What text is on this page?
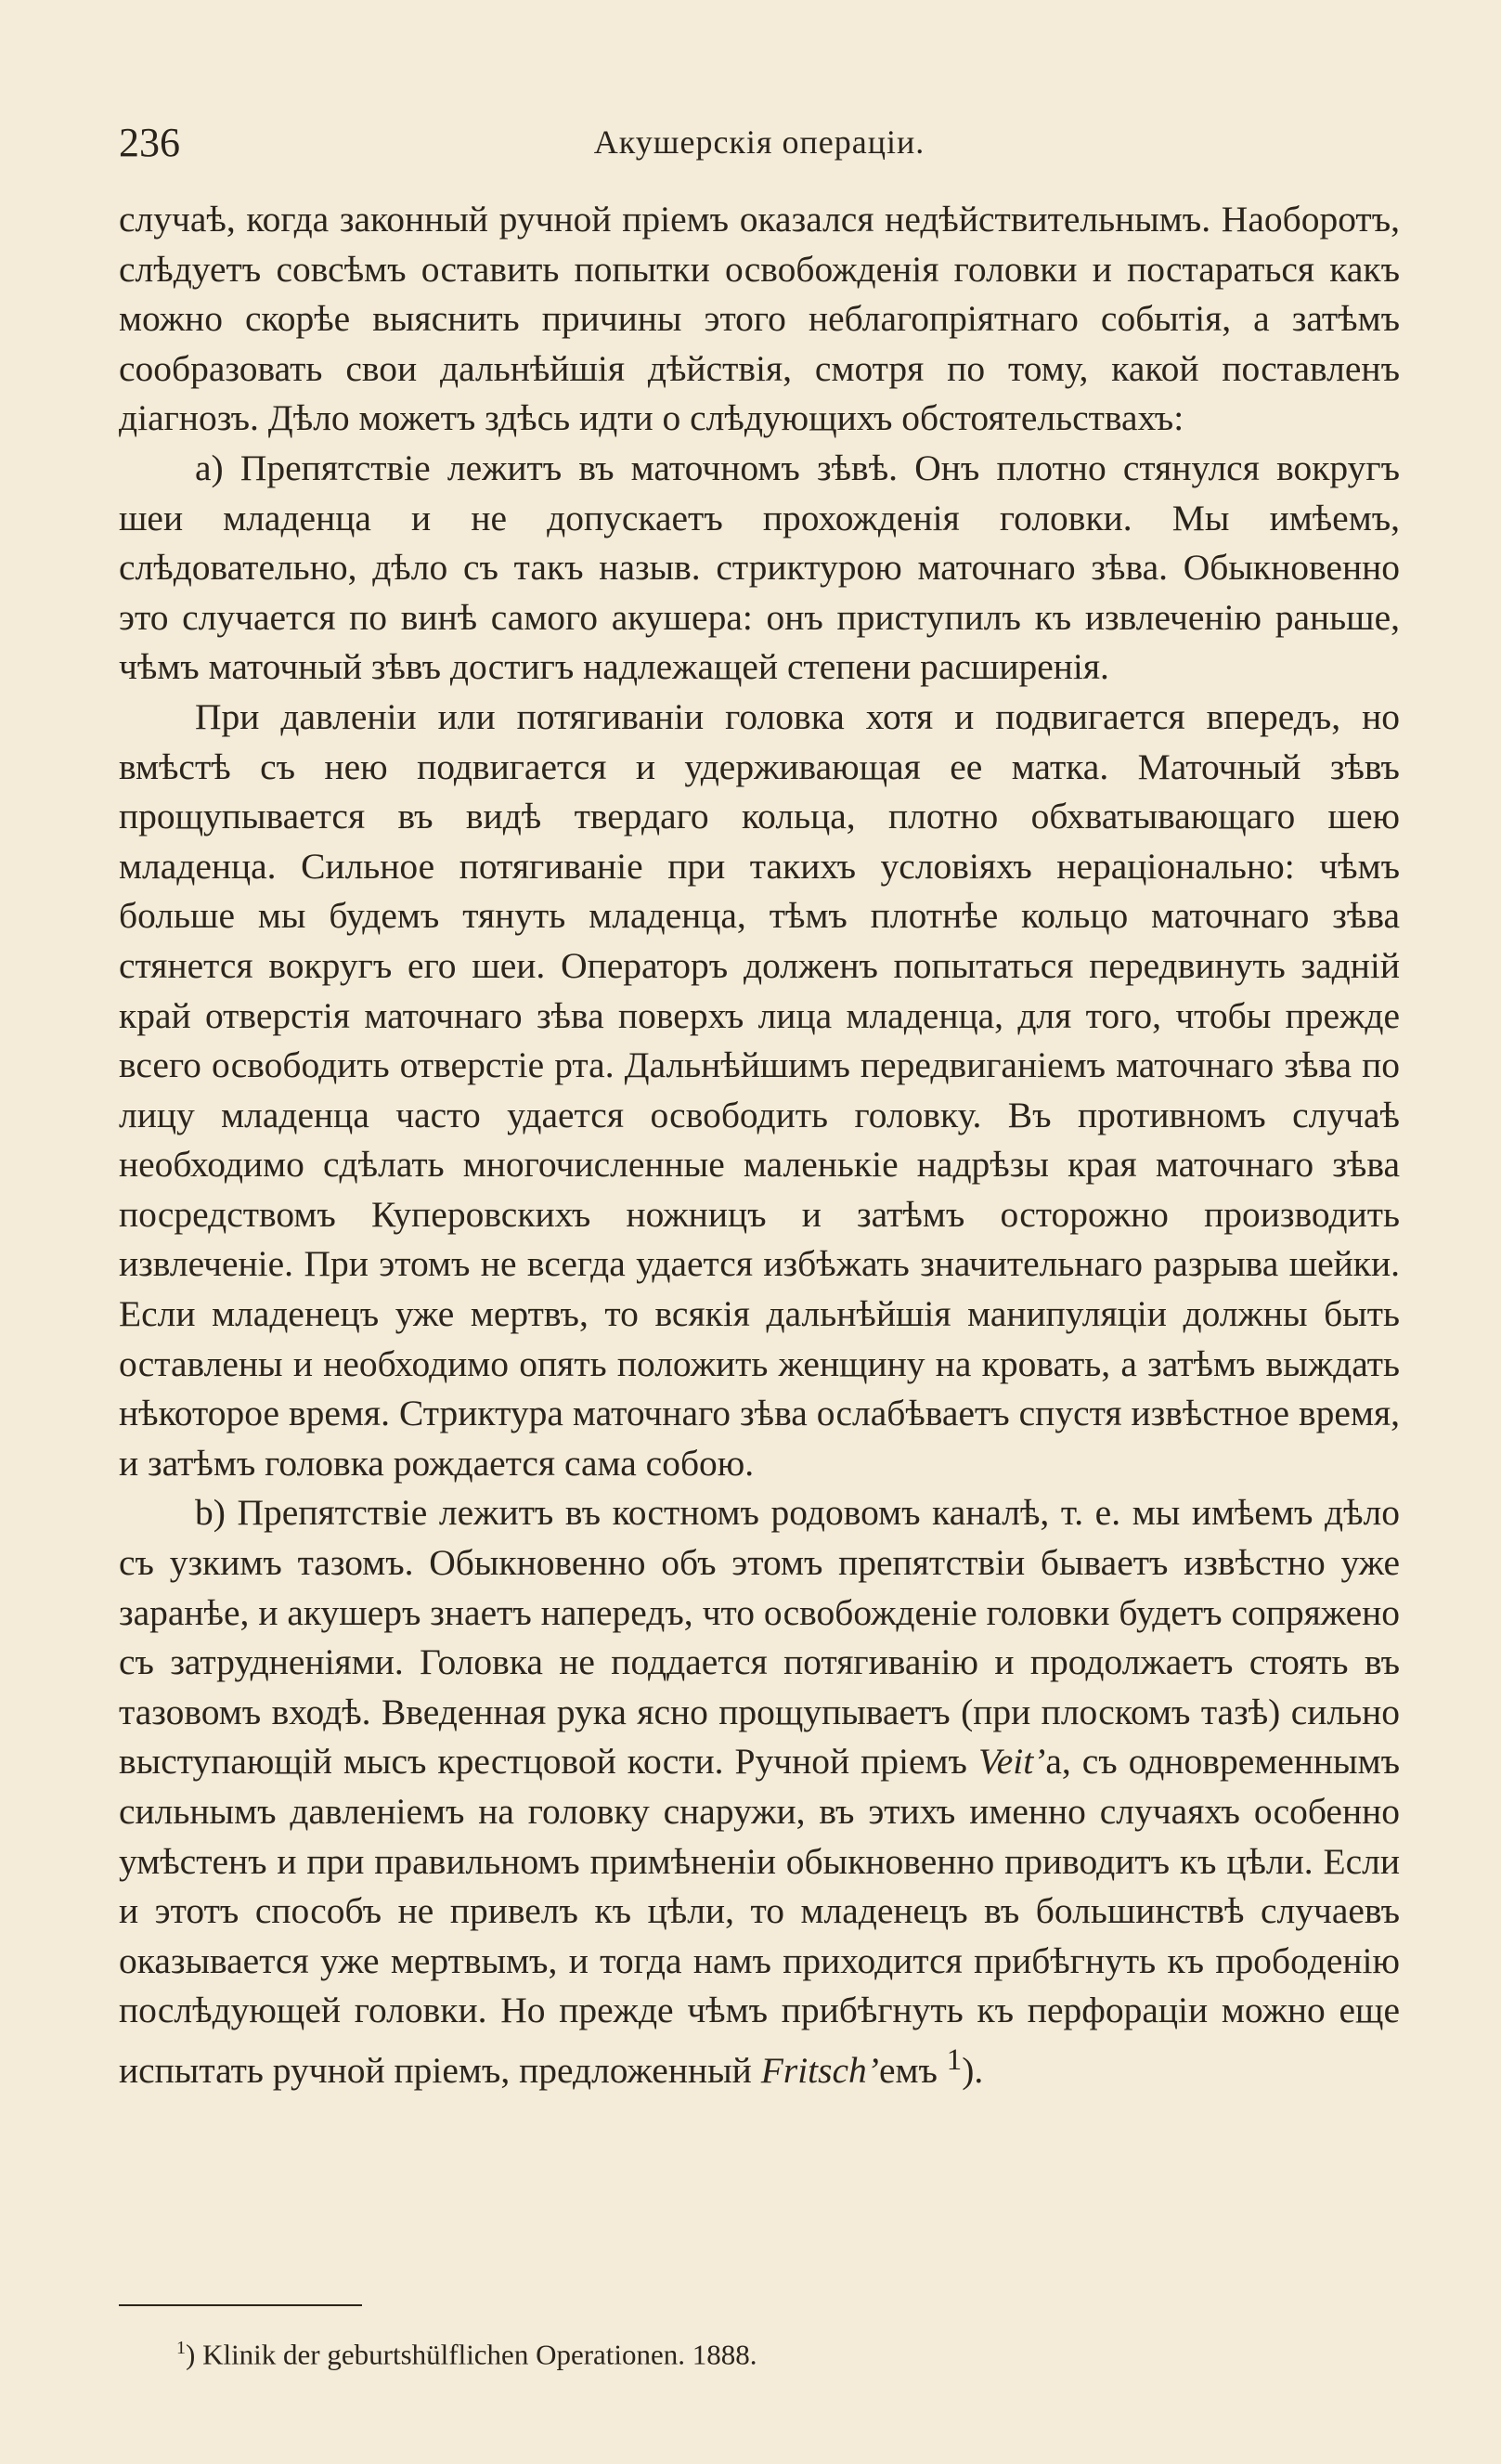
236	Акушерскія операціи.

случаѣ, когда законный ручной пріемъ оказался недѣйствительнымъ. Наоборотъ, слѣдуетъ совсѣмъ оставить попытки освобожденія головки и постараться какъ можно скорѣе выяснить причины этого неблагопріятнаго событія, а затѣмъ сообразовать свои дальнѣйшія дѣйствія, смотря по тому, какой поставленъ діагнозъ. Дѣло можетъ здѣсь идти о слѣдующихъ обстоятельствахъ:

a) Препятствіе лежитъ въ маточномъ зѣвѣ. Онъ плотно стянулся вокругъ шеи младенца и не допускаетъ прохожденія головки. Мы имѣемъ, слѣдовательно, дѣло съ такъ назыв. стриктурою маточнаго зѣва. Обыкновенно это случается по винѣ самого акушера: онъ приступилъ къ извлеченію раньше, чѣмъ маточный зѣвъ достигъ надлежащей степени расширенія.

При давленіи или потягиваніи головка хотя и подвигается впередъ, но вмѣстѣ съ нею подвигается и удерживающая ее матка. Маточный зѣвъ прощупывается въ видѣ твердаго кольца, плотно обхватывающаго шею младенца. Сильное потягиваніе при такихъ условіяхъ нераціонально: чѣмъ больше мы будемъ тянуть младенца, тѣмъ плотнѣе кольцо маточнаго зѣва стянется вокругъ его шеи. Операторъ долженъ попытаться передвинуть задній край отверстія маточнаго зѣва поверхъ лица младенца, для того, чтобы прежде всего освободить отверстіе рта. Дальнѣйшимъ передвиганіемъ маточнаго зѣва по лицу младенца часто удается освободить головку. Въ противномъ случаѣ необходимо сдѣлать многочисленные маленькіе надрѣзы края маточнаго зѣва посредствомъ Куперовскихъ ножницъ и затѣмъ осторожно производить извлеченіе. При этомъ не всегда удается избѣжать значительнаго разрыва шейки. Если младенецъ уже мертвъ, то всякія дальнѣйшія манипуляціи должны быть оставлены и необходимо опять положить женщину на кровать, а затѣмъ выждать нѣкоторое время. Стриктура маточнаго зѣва ослабѣваетъ спустя извѣстное время, и затѣмъ головка рождается сама собою.

b) Препятствіе лежитъ въ костномъ родовомъ каналѣ, т. е. мы имѣемъ дѣло съ узкимъ тазомъ. Обыкновенно объ этомъ препятствіи бываетъ извѣстно уже заранѣе, и акушеръ знаетъ напередъ, что освобожденіе головки будетъ сопряжено съ затрудненіями. Головка не поддается потягиванію и продолжаетъ стоять въ тазовомъ входѣ. Введенная рука ясно прощупываетъ (при плоскомъ тазѣ) сильно выступающій мысъ крестцовой кости. Ручной пріемъ Veit’а, съ одновременнымъ сильнымъ давленіемъ на головку снаружи, въ этихъ именно случаяхъ особенно умѣстенъ и при правильномъ примѣненіи обыкновенно приводитъ къ цѣли. Если и этотъ способъ не привелъ къ цѣли, то младенецъ въ большинствѣ случаевъ оказывается уже мертвымъ, и тогда намъ приходится прибѣгнуть къ прободенію послѣдующей головки. Но прежде чѣмъ прибѣгнуть къ перфораціи можно еще испытать ручной пріемъ, предложенный Fritsch’емъ $^1$).

$^1$) Klinik der geburtshülflichen Operationen. 1888.
